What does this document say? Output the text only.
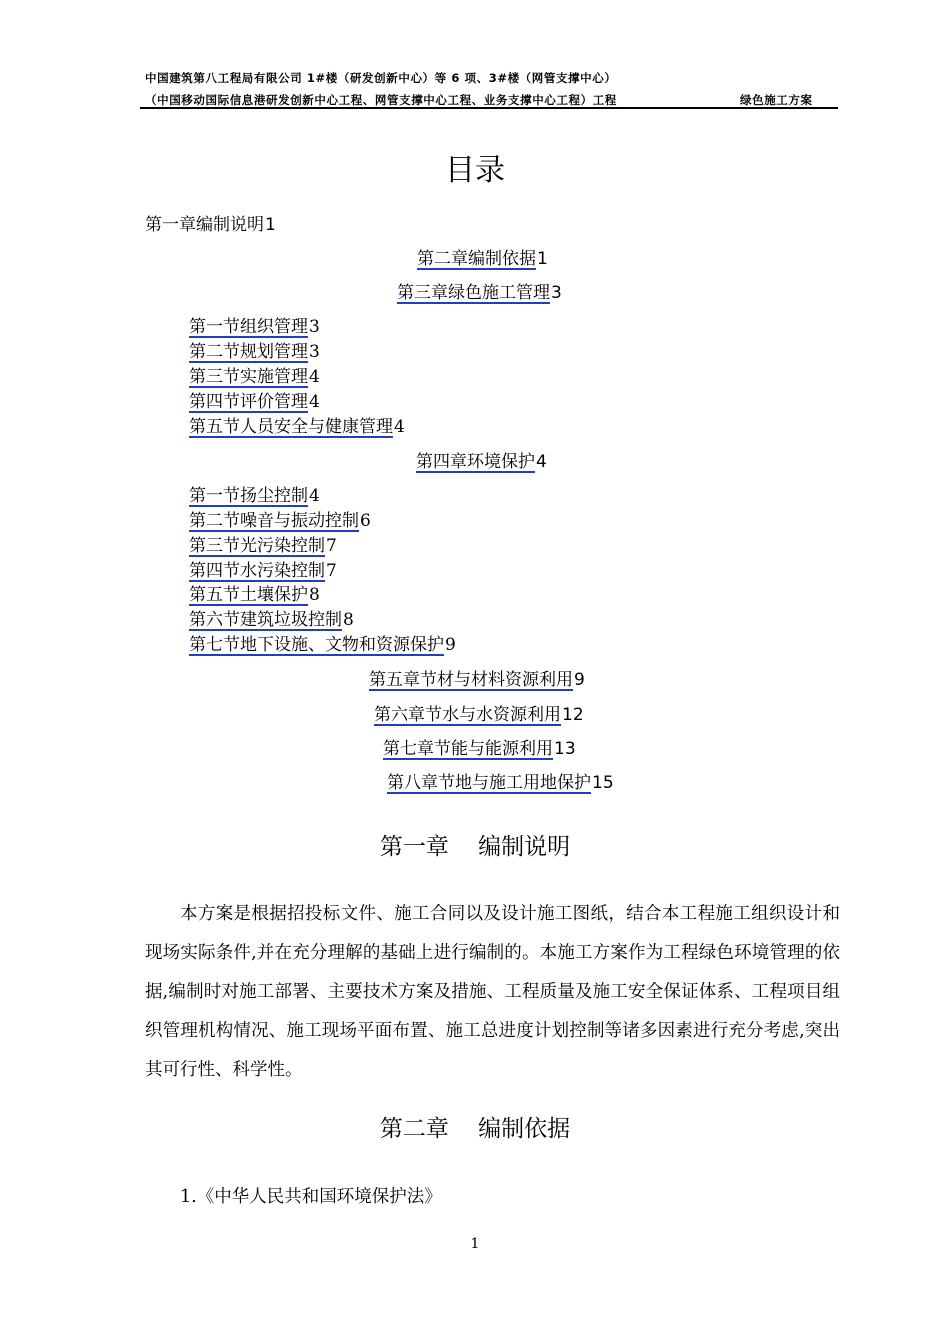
中国建筑第八工程局有限公司 1#楼（研发创新中心）等 6 项、3#楼（网管支撑中心）
（中国移动国际信息港研发创新中心工程、网管支撑中心工程、业务支撑中心工程）工程	绿色施工方案
目录
第一章编制说明1
第二章编制依据1
第三章绿色施工管理3
第一节组织管理3
第二节规划管理3
第三节实施管理4
第四节评价管理4
第五节人员安全与健康管理4
第四章环境保护4
第一节扬尘控制4
第二节噪音与振动控制6
第三节光污染控制7
第四节水污染控制7
第五节土壤保护8
第六节建筑垃圾控制8
第七节地下设施、文物和资源保护9
第五章节材与材料资源利用9
第六章节水与水资源利用12
第七章节能与能源利用13
第八章节地与施工用地保护15
第一章    编制说明

本方案是根据招投标文件、施工合同以及设计施工图纸，结合本工程施工组织设计和现场实际条件,并在充分理解的基础上进行编制的。本施工方案作为工程绿色环境管理的依据,编制时对施工部署、主要技术方案及措施、工程质量及施工安全保证体系、工程项目组织管理机构情况、施工现场平面布置、施工总进度计划控制等诸多因素进行充分考虑,突出其可行性、科学性。

第二章    编制依据
1.《中华人民共和国环境保护法》
1
